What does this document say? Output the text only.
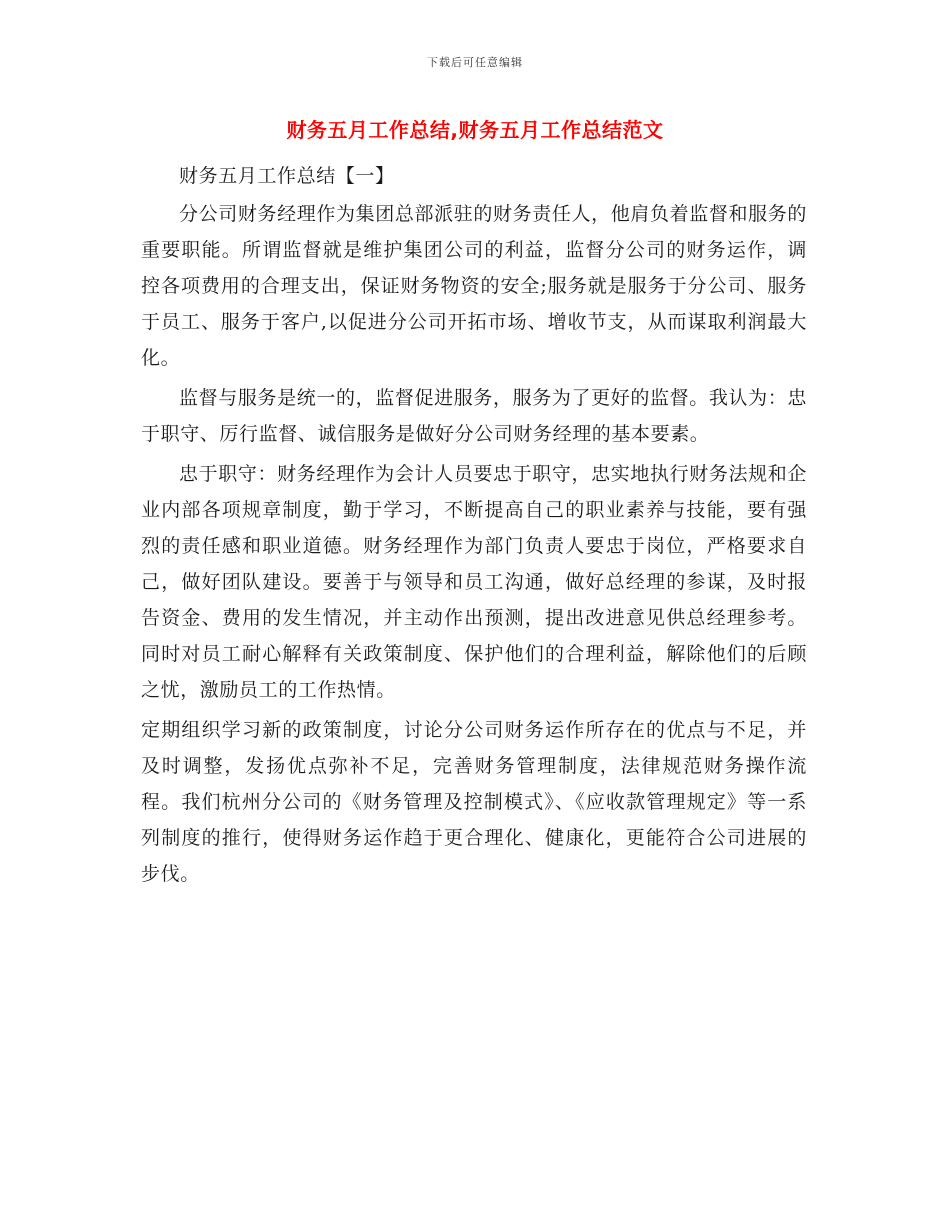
下载后可任意编辑
财务五月工作总结,财务五月工作总结范文

财务五月工作总结【一】

分公司财务经理作为集团总部派驻的财务责任人，他肩负着监督和服务的重要职能。所谓监督就是维护集团公司的利益，监督分公司的财务运作，调控各项费用的合理支出，保证财务物资的安全;服务就是服务于分公司、服务于员工、服务于客户,以促进分公司开拓市场、增收节支，从而谋取利润最大化。

监督与服务是统一的，监督促进服务，服务为了更好的监督。我认为：忠于职守、厉行监督、诚信服务是做好分公司财务经理的基本要素。

忠于职守：财务经理作为会计人员要忠于职守，忠实地执行财务法规和企业内部各项规章制度，勤于学习，不断提高自己的职业素养与技能，要有强烈的责任感和职业道德。财务经理作为部门负责人要忠于岗位，严格要求自己，做好团队建设。要善于与领导和员工沟通，做好总经理的参谋，及时报告资金、费用的发生情况，并主动作出预测，提出改进意见供总经理参考。同时对员工耐心解释有关政策制度、保护他们的合理利益，解除他们的后顾之忧，激励员工的工作热情。

定期组织学习新的政策制度，讨论分公司财务运作所存在的优点与不足，并及时调整，发扬优点弥补不足，完善财务管理制度，法律规范财务操作流程。我们杭州分公司的《财务管理及控制模式》、《应收款管理规定》等一系列制度的推行，使得财务运作趋于更合理化、健康化，更能符合公司进展的步伐。
